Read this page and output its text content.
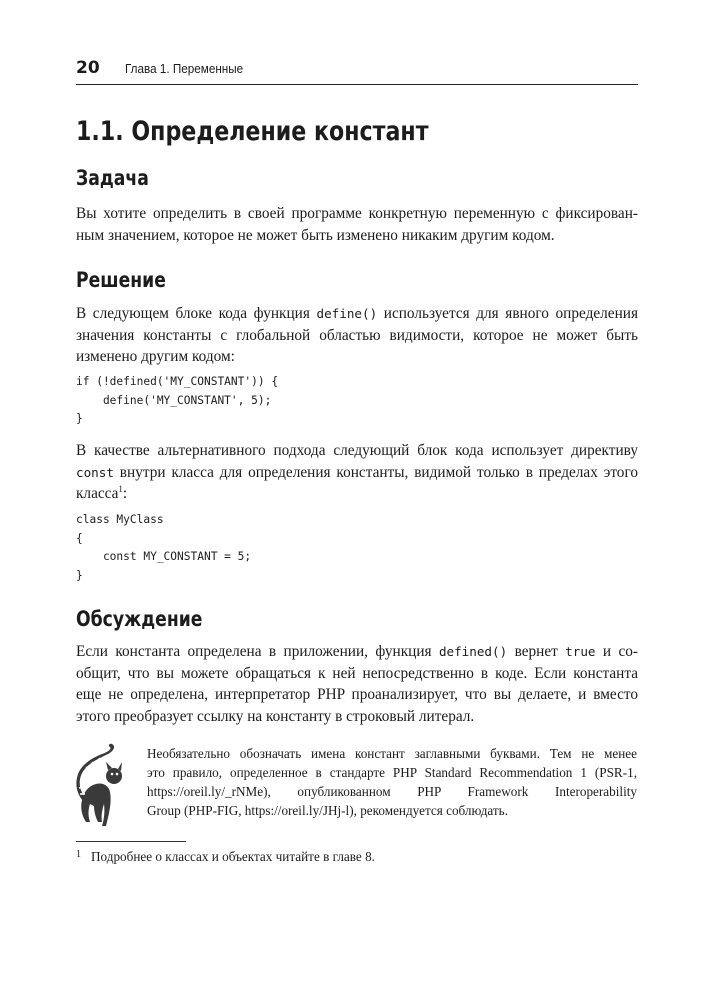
20 Глава 1. Переменные
1.1. Определение констант
Задача

Вы хотите определить в своей программе конкретную переменную с фиксирован-
ным значением, которое не может быть изменено никаким другим кодом.

Решение

В следующем блоке кода функция define() используется для явного определения
значения константы с глобальной областью видимости, которое не может быть
изменено другим кодом:

if (!defined('MY_CONSTANT')) {
define('MY_CONSTANT', 5);
}

В качестве альтернативного подхода следующий блок кода использует директиву
const внутри класса для определения константы, видимой только в пределах этого
класса$^1$:

class MyClass
{
const MY_CONSTANT = 5;
}
Обсуждение

Если константа определена в приложении, функция defined() вернет true и со-
общит, что вы можете обращаться к ней непосредственно в коде. Если константа
еще не определена, интерпретатор PHP проанализирует, что вы делаете, и вместо
этого преобразует ссылку на константу в строковый литерал.

Необязательно обозначать имена констант заглавными буквами. Тем не менее
это правило, определенное в стандарте PHP Standard Recommendation 1 (PSR-1,
https://oreil.ly/_rNMe), опубликованном PHP Framework Interoperability
Group (PHP-FIG, https://oreil.ly/JHj-l), рекомендуется соблюдать.

$^1$ Подробнее о классах и объектах читайте в главе 8.
